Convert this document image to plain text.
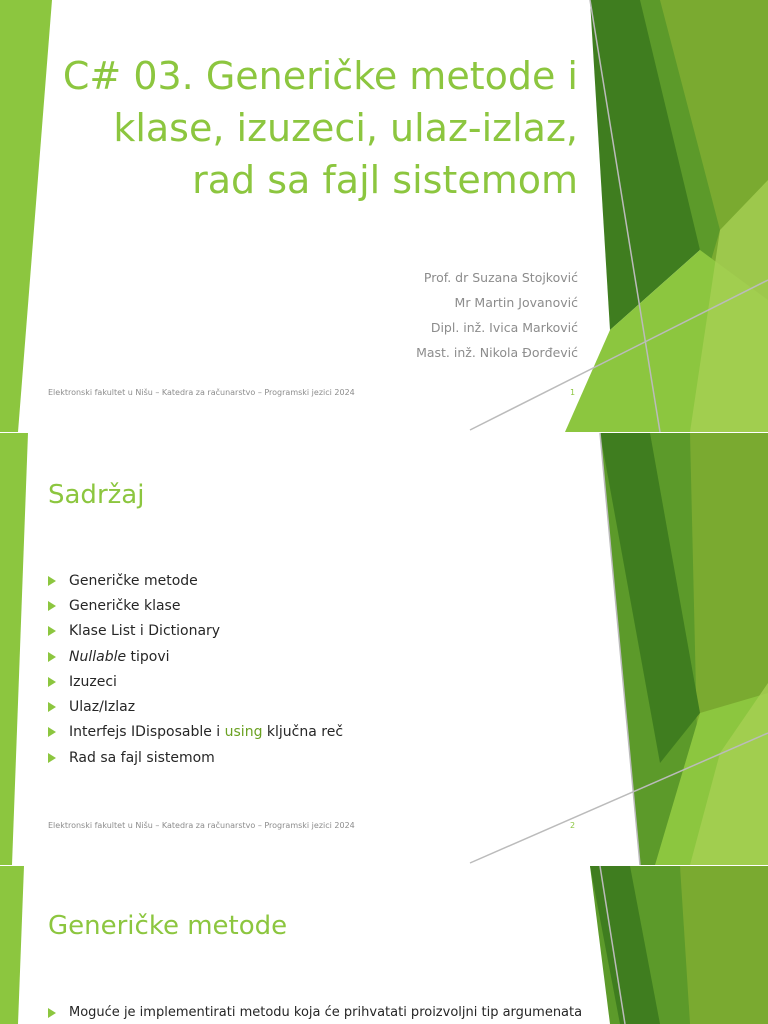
C# 03. Generičke metode i klase, izuzeci, ulaz-izlaz, rad sa fajl sistemom
Prof. dr Suzana Stojković
Mr Martin Jovanović
Dipl. inž. Ivica Marković
Mast. inž. Nikola Đorđević
Elektronski fakultet u Nišu – Katedra za računarstvo – Programski jezici 2024	1
Sadržaj
Generičke metode
Generičke klase
Klase List i Dictionary
Nullable tipovi
Izuzeci
Ulaz/Izlaz
Interfejs IDisposable i using ključna reč
Rad sa fajl sistemom
Elektronski fakultet u Nišu – Katedra za računarstvo – Programski jezici 2024	2
Generičke metode
Moguće je implementirati metodu koja će prihvatati proizvoljni tip argumenata
